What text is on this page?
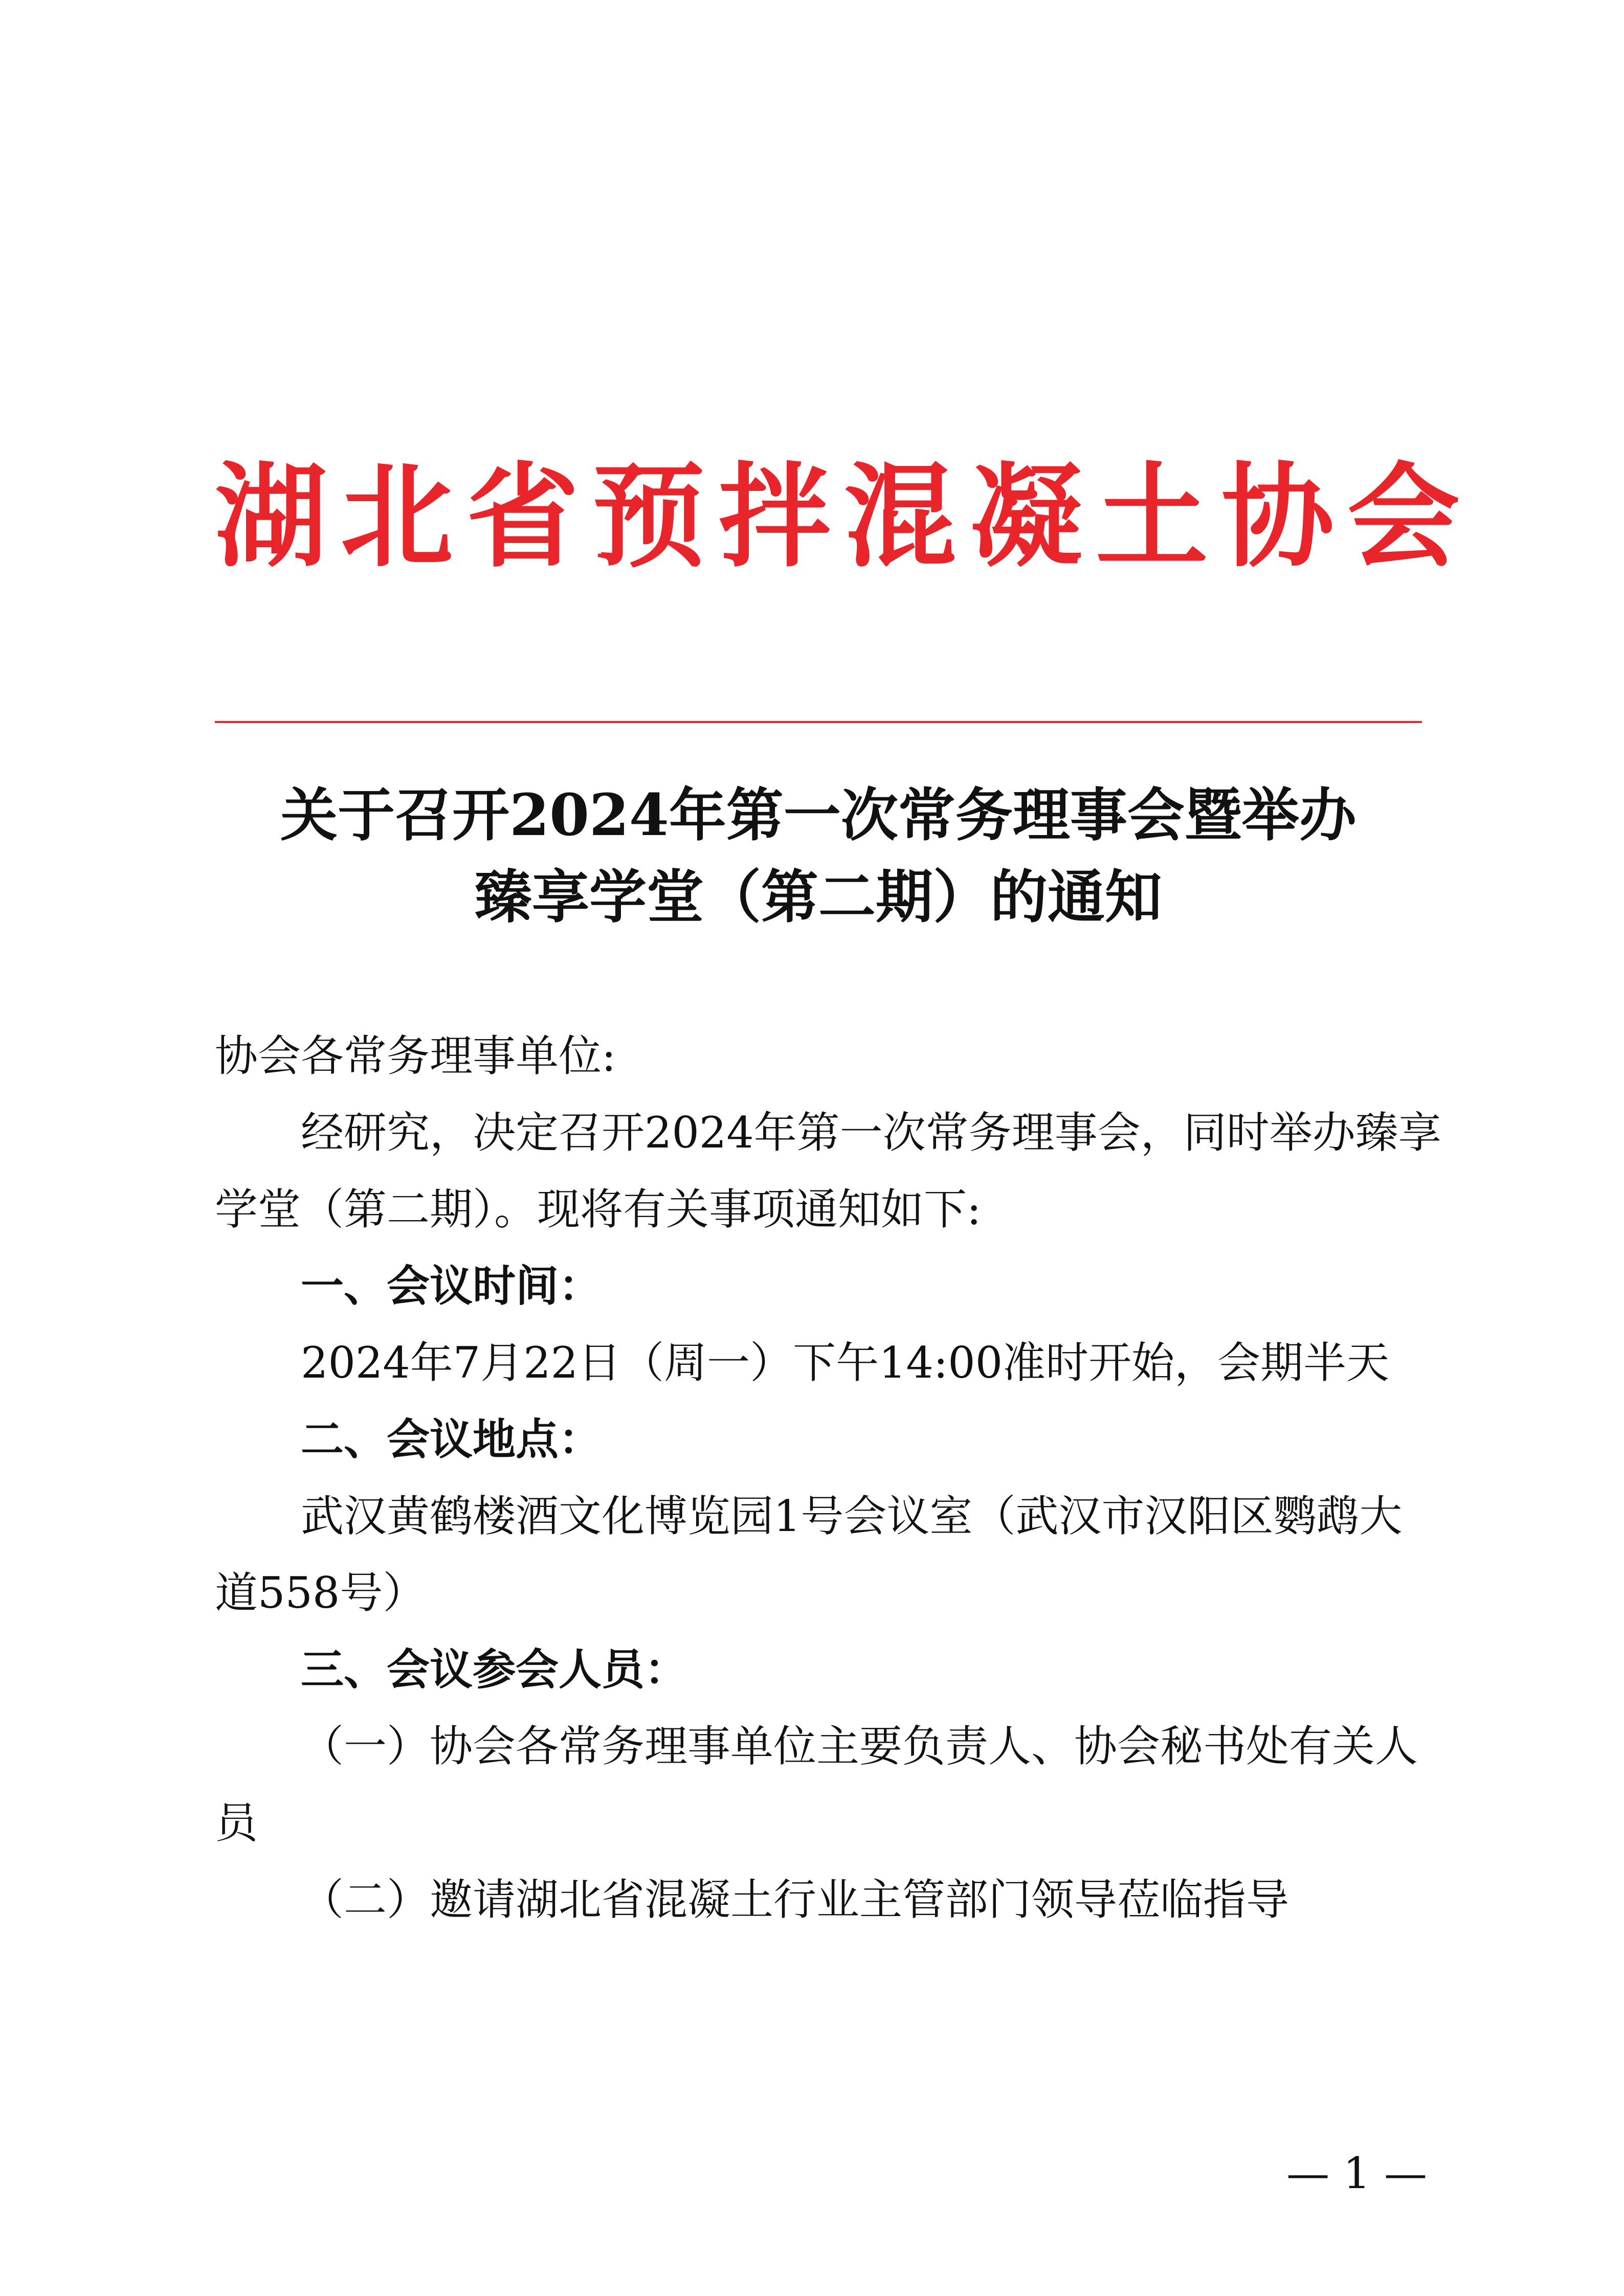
湖北省预拌混凝土协会
关于召开2024年第一次常务理事会暨举办
臻享学堂（第二期）的通知
协会各常务理事单位:
经研究，决定召开2024年第一次常务理事会，同时举办臻享
学堂（第二期）。现将有关事项通知如下:
一、会议时间：
2024年7月22日（周一）下午14:00准时开始，会期半天
二、会议地点：
武汉黄鹤楼酒文化博览园1号会议室（武汉市汉阳区鹦鹉大
道558号）
三、会议参会人员：
（一）协会各常务理事单位主要负责人、协会秘书处有关人
员
（二）邀请湖北省混凝土行业主管部门领导莅临指导
— 1 —
